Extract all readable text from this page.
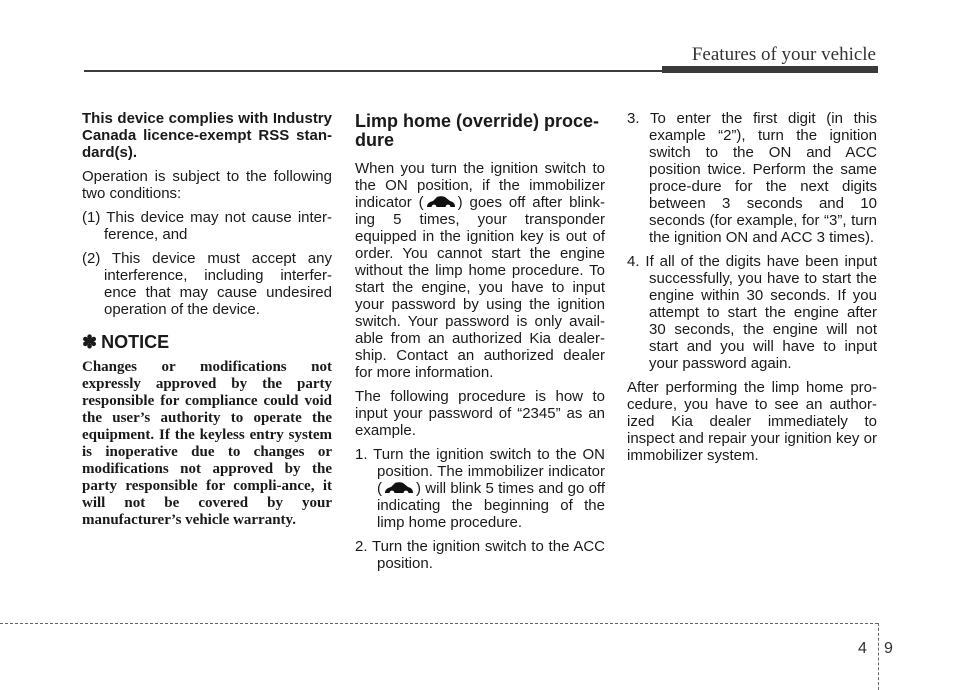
Features of your vehicle

This device complies with Industry Canada licence-exempt RSS stan-dard(s).

Operation is subject to the following two conditions:

(1) This device may not cause inter-ference, and
(2) This device must accept any interference, including interfer-ence that may cause undesired operation of the device.
✽ NOTICE

Changes or modifications not expressly approved by the party responsible for compliance could void the user’s authority to operate the equipment. If the keyless entry system is inoperative due to changes or modifications not approved by the party responsible for compli-ance, it will not be covered by your manufacturer’s vehicle warranty.

Limp home (override) proce-dure

When you turn the ignition switch to the ON position, if the immobilizer indicator ( ) goes off after blink-ing 5 times, your transponder equipped in the ignition key is out of order. You cannot start the engine without the limp home procedure. To start the engine, you have to input your password by using the ignition switch. Your password is only avail-able from an authorized Kia dealer-ship. Contact an authorized dealer for more information.

The following procedure is how to input your password of “2345” as an example.

1. Turn the ignition switch to the ON position. The immobilizer indicator ( ) will blink 5 times and go off indicating the beginning of the limp home procedure.
2. Turn the ignition switch to the ACC position.
3. To enter the first digit (in this example “2”), turn the ignition switch to the ON and ACC position twice. Perform the same proce-dure for the next digits between 3 seconds and 10 seconds (for example, for “3”, turn the ignition ON and ACC 3 times).
4. If all of the digits have been input successfully, you have to start the engine within 30 seconds. If you attempt to start the engine after 30 seconds, the engine will not start and you will have to input your password again.

After performing the limp home pro-cedure, you have to see an author-ized Kia dealer immediately to inspect and repair your ignition key or immobilizer system.

4 9
